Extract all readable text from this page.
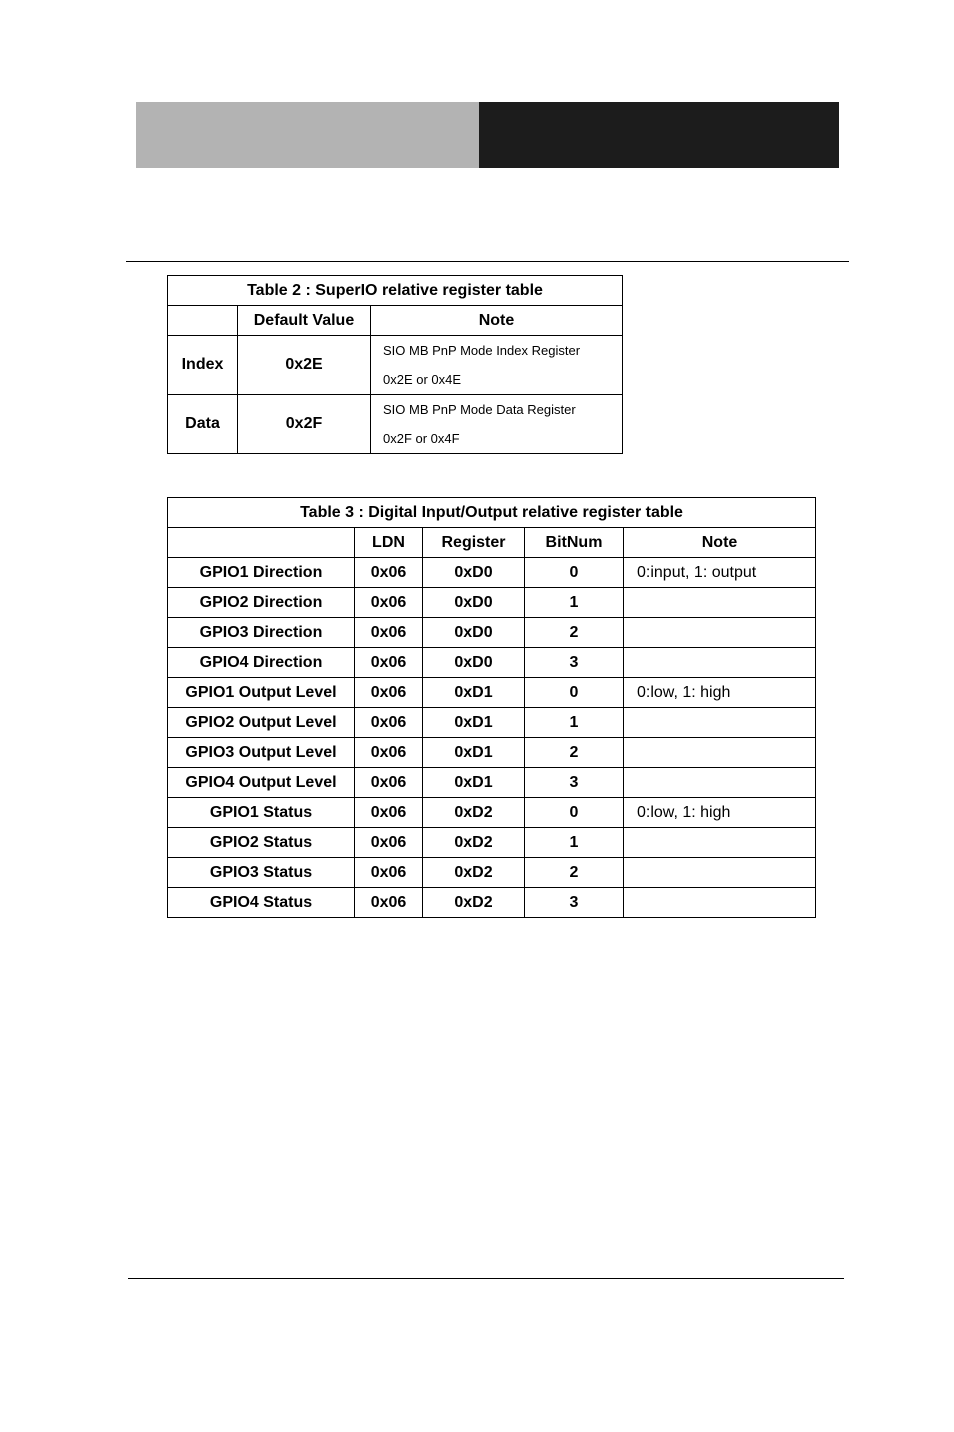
Table 2 : SuperIO relative register table		
	Default Value	Note
Index	0x2E	SIO MB PnP Mode Index Register
0x2E or 0x4E

Data	0x2F	SIO MB PnP Mode Data Register
0x2F or 0x4F
Table 3 : Digital Input/Output relative register table				
	LDN	Register	BitNum	Note
GPIO1 Direction	0x06	0xD0	0	0:input, 1: output
GPIO2 Direction	0x06	0xD0	1	
GPIO3 Direction	0x06	0xD0	2	
GPIO4 Direction	0x06	0xD0	3	
GPIO1 Output Level	0x06	0xD1	0	0:low, 1: high
GPIO2 Output Level	0x06	0xD1	1	
GPIO3 Output Level	0x06	0xD1	2	
GPIO4 Output Level	0x06	0xD1	3	
GPIO1 Status	0x06	0xD2	0	0:low, 1: high
GPIO2 Status	0x06	0xD2	1	
GPIO3 Status	0x06	0xD2	2	
GPIO4 Status	0x06	0xD2	3	
